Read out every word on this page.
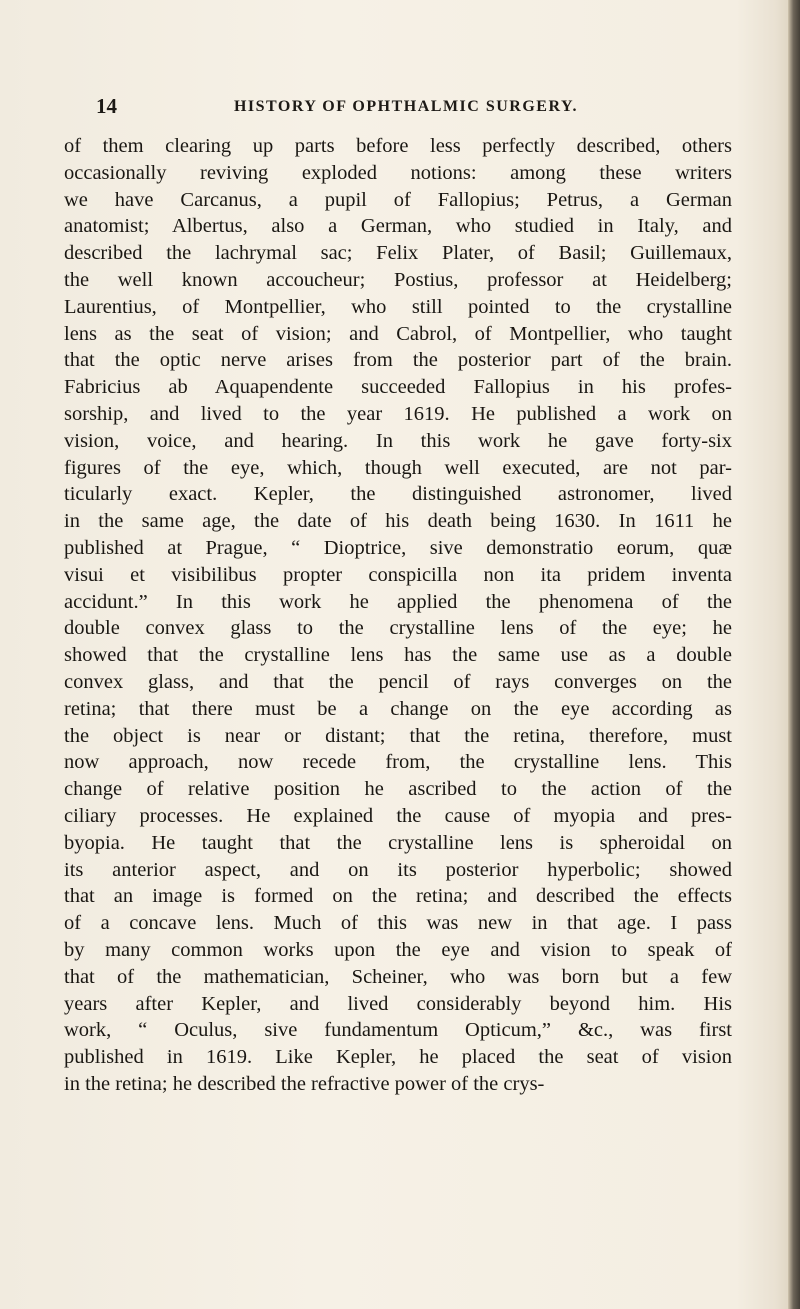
14	HISTORY OF OPHTHALMIC SURGERY.
of them clearing up parts before less perfectly described, others
occasionally reviving exploded notions: among these writers
we have Carcanus, a pupil of Fallopius; Petrus, a German
anatomist; Albertus, also a German, who studied in Italy, and
described the lachrymal sac; Felix Plater, of Basil; Guillemaux,
the well known accoucheur; Postius, professor at Heidelberg;
Laurentius, of Montpellier, who still pointed to the crystalline
lens as the seat of vision; and Cabrol, of Montpellier, who taught
that the optic nerve arises from the posterior part of the brain.
Fabricius ab Aquapendente succeeded Fallopius in his profes-
sorship, and lived to the year 1619. He published a work on
vision, voice, and hearing. In this work he gave forty-six
figures of the eye, which, though well executed, are not par-
ticularly exact. Kepler, the distinguished astronomer, lived
in the same age, the date of his death being 1630. In 1611 he
published at Prague, “ Dioptrice, sive demonstratio eorum, quæ
visui et visibilibus propter conspicilla non ita pridem inventa
accidunt.” In this work he applied the phenomena of the
double convex glass to the crystalline lens of the eye; he
showed that the crystalline lens has the same use as a double
convex glass, and that the pencil of rays converges on the
retina; that there must be a change on the eye according as
the object is near or distant; that the retina, therefore, must
now approach, now recede from, the crystalline lens. This
change of relative position he ascribed to the action of the
ciliary processes. He explained the cause of myopia and pres-
byopia. He taught that the crystalline lens is spheroidal on
its anterior aspect, and on its posterior hyperbolic; showed
that an image is formed on the retina; and described the effects
of a concave lens. Much of this was new in that age. I pass
by many common works upon the eye and vision to speak of
that of the mathematician, Scheiner, who was born but a few
years after Kepler, and lived considerably beyond him. His
work, “ Oculus, sive fundamentum Opticum,” &c., was first
published in 1619. Like Kepler, he placed the seat of vision
in the retina; he described the refractive power of the crys-
